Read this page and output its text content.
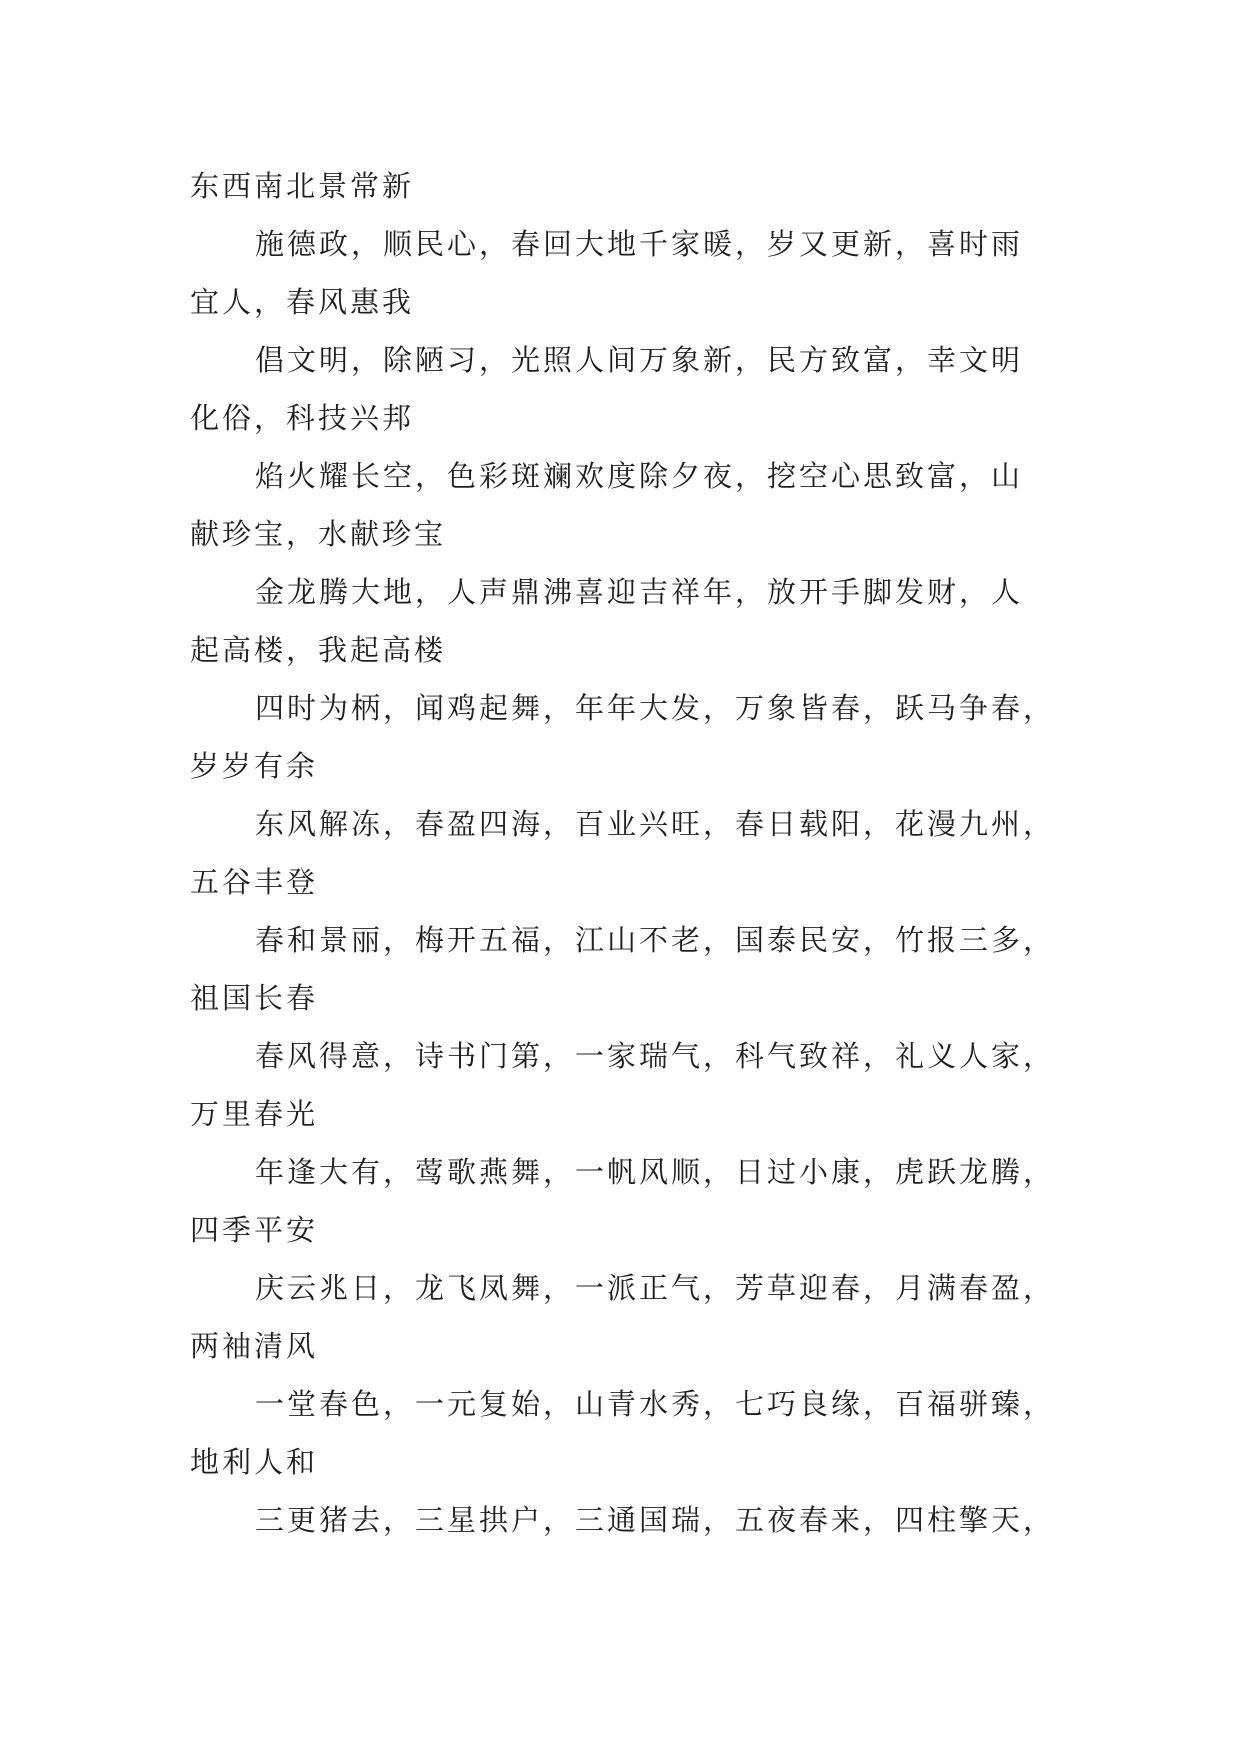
东西南北景常新
施德政，顺民心，春回大地千家暖，岁又更新，喜时雨
宜人，春风惠我
倡文明，除陋习，光照人间万象新，民方致富，幸文明
化俗，科技兴邦
焰火耀长空，色彩斑斓欢度除夕夜，挖空心思致富，山
献珍宝，水献珍宝
金龙腾大地，人声鼎沸喜迎吉祥年，放开手脚发财，人
起高楼，我起高楼
四时为柄，闻鸡起舞，年年大发，万象皆春，跃马争春，
岁岁有余
东风解冻，春盈四海，百业兴旺，春日载阳，花漫九州，
五谷丰登
春和景丽，梅开五福，江山不老，国泰民安，竹报三多，
祖国长春
春风得意，诗书门第，一家瑞气，科气致祥，礼义人家，
万里春光
年逢大有，莺歌燕舞，一帆风顺，日过小康，虎跃龙腾，
四季平安
庆云兆日，龙飞凤舞，一派正气，芳草迎春，月满春盈，
两袖清风
一堂春色，一元复始，山青水秀，七巧良缘，百福骈臻，
地利人和
三更猪去，三星拱户，三通国瑞，五夜春来，四柱擎天，
